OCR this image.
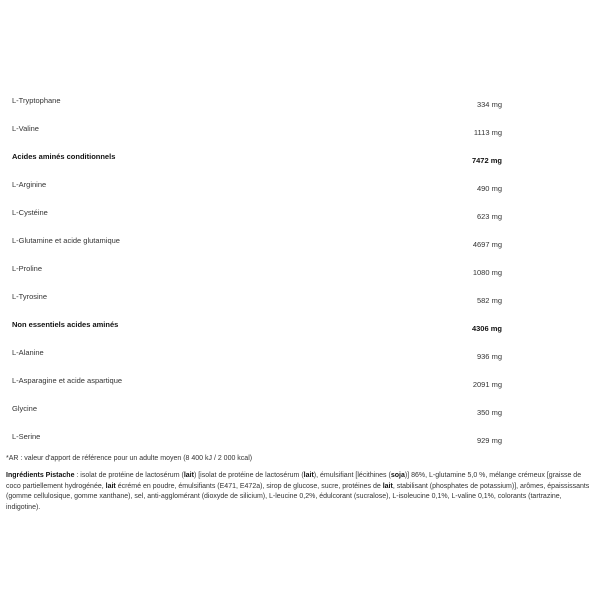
L-Tryptophane	334 mg
L-Valine	1113 mg
Acides aminés conditionnels	7472 mg
L-Arginine	490 mg
L-Cystéine	623 mg
L-Glutamine et acide glutamique	4697 mg
L-Proline	1080 mg
L-Tyrosine	582 mg
Non essentiels acides aminés	4306 mg
L-Alanine	936 mg
L-Asparagine et acide aspartique	2091 mg
Glycine	350 mg
L-Serine	929 mg
*AR : valeur d'apport de référence pour un adulte moyen (8 400 kJ / 2 000 kcal)
Ingrédients Pistache : isolat de protéine de lactosérum (lait) [isolat de protéine de lactosérum (lait), émulsifiant [lécithines (soja)] 86%, L-glutamine 5,0 %, mélange crémeux [graisse de coco partiellement hydrogénée, lait écrémé en poudre, émulsifiants (E471, E472a), sirop de glucose, sucre, protéines de lait, stabilisant (phosphates de potassium)], arômes, épaississants (gomme cellulosique, gomme xanthane), sel, anti-agglomérant (dioxyde de silicium), L-leucine 0,2%, édulcorant (sucralose), L-isoleucine 0,1%, L-valine 0,1%, colorants (tartrazine, indigotine).
